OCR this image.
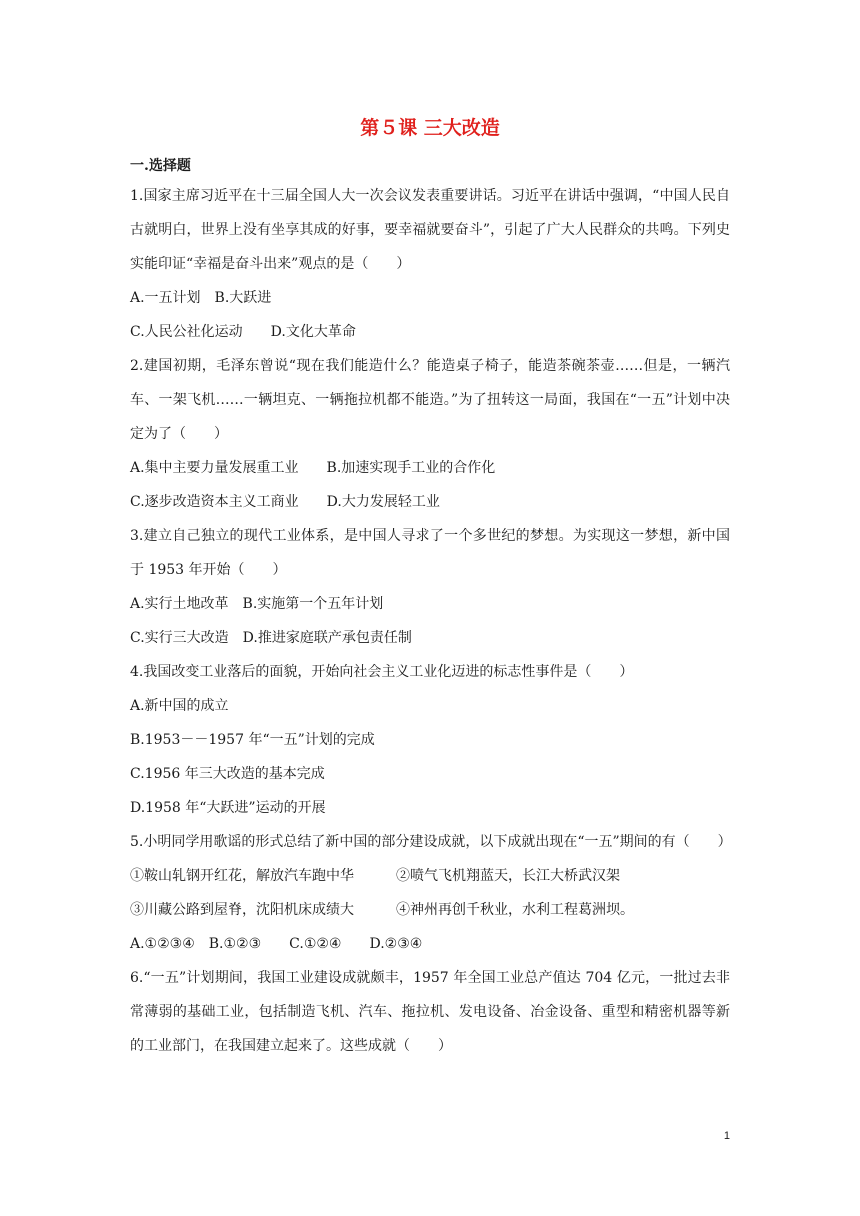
第５课 三大改造
一.选择题

1.国家主席习近平在十三届全国人大一次会议发表重要讲话。习近平在讲话中强调，“中国人民自古就明白，世界上没有坐享其成的好事，要幸福就要奋斗”，引起了广大人民群众的共鸣。下列史实能印证“幸福是奋斗出来”观点的是（　　）

A.一五计划　B.大跃进
C.人民公社化运动　　D.文化大革命

2.建国初期，毛泽东曾说“现在我们能造什么？能造桌子椅子，能造茶碗茶壶……但是，一辆汽车、一架飞机……一辆坦克、一辆拖拉机都不能造。”为了扭转这一局面，我国在“一五”计划中决定为了（　　）

A.集中主要力量发展重工业　　B.加速实现手工业的合作化
C.逐步改造资本主义工商业　　D.大力发展轻工业

3.建立自己独立的现代工业体系，是中国人寻求了一个多世纪的梦想。为实现这一梦想，新中国于 1953 年开始（　　）

A.实行土地改革　B.实施第一个五年计划
C.实行三大改造　D.推进家庭联产承包责任制

4.我国改变工业落后的面貌，开始向社会主义工业化迈进的标志性事件是（　　）

A.新中国的成立
B.1953－－1957 年“一五”计划的完成
C.1956 年三大改造的基本完成
D.1958 年“大跃进”运动的开展

5.小明同学用歌谣的形式总结了新中国的部分建设成就，以下成就出现在“一五”期间的有（　　）

①鞍山轧钢开红花，解放汽车跑中华　　　②喷气飞机翔蓝天，长江大桥武汉架
③川藏公路到屋脊，沈阳机床成绩大　　　④神州再创千秋业，水利工程葛洲坝。
A.①②③④　B.①②③　　C.①②④　　D.②③④

6.“一五”计划期间，我国工业建设成就颇丰，1957 年全国工业总产值达 704 亿元，一批过去非常薄弱的基础工业，包括制造飞机、汽车、拖拉机、发电设备、冶金设备、重型和精密机器等新的工业部门，在我国建立起来了。这些成就（　　）

1
